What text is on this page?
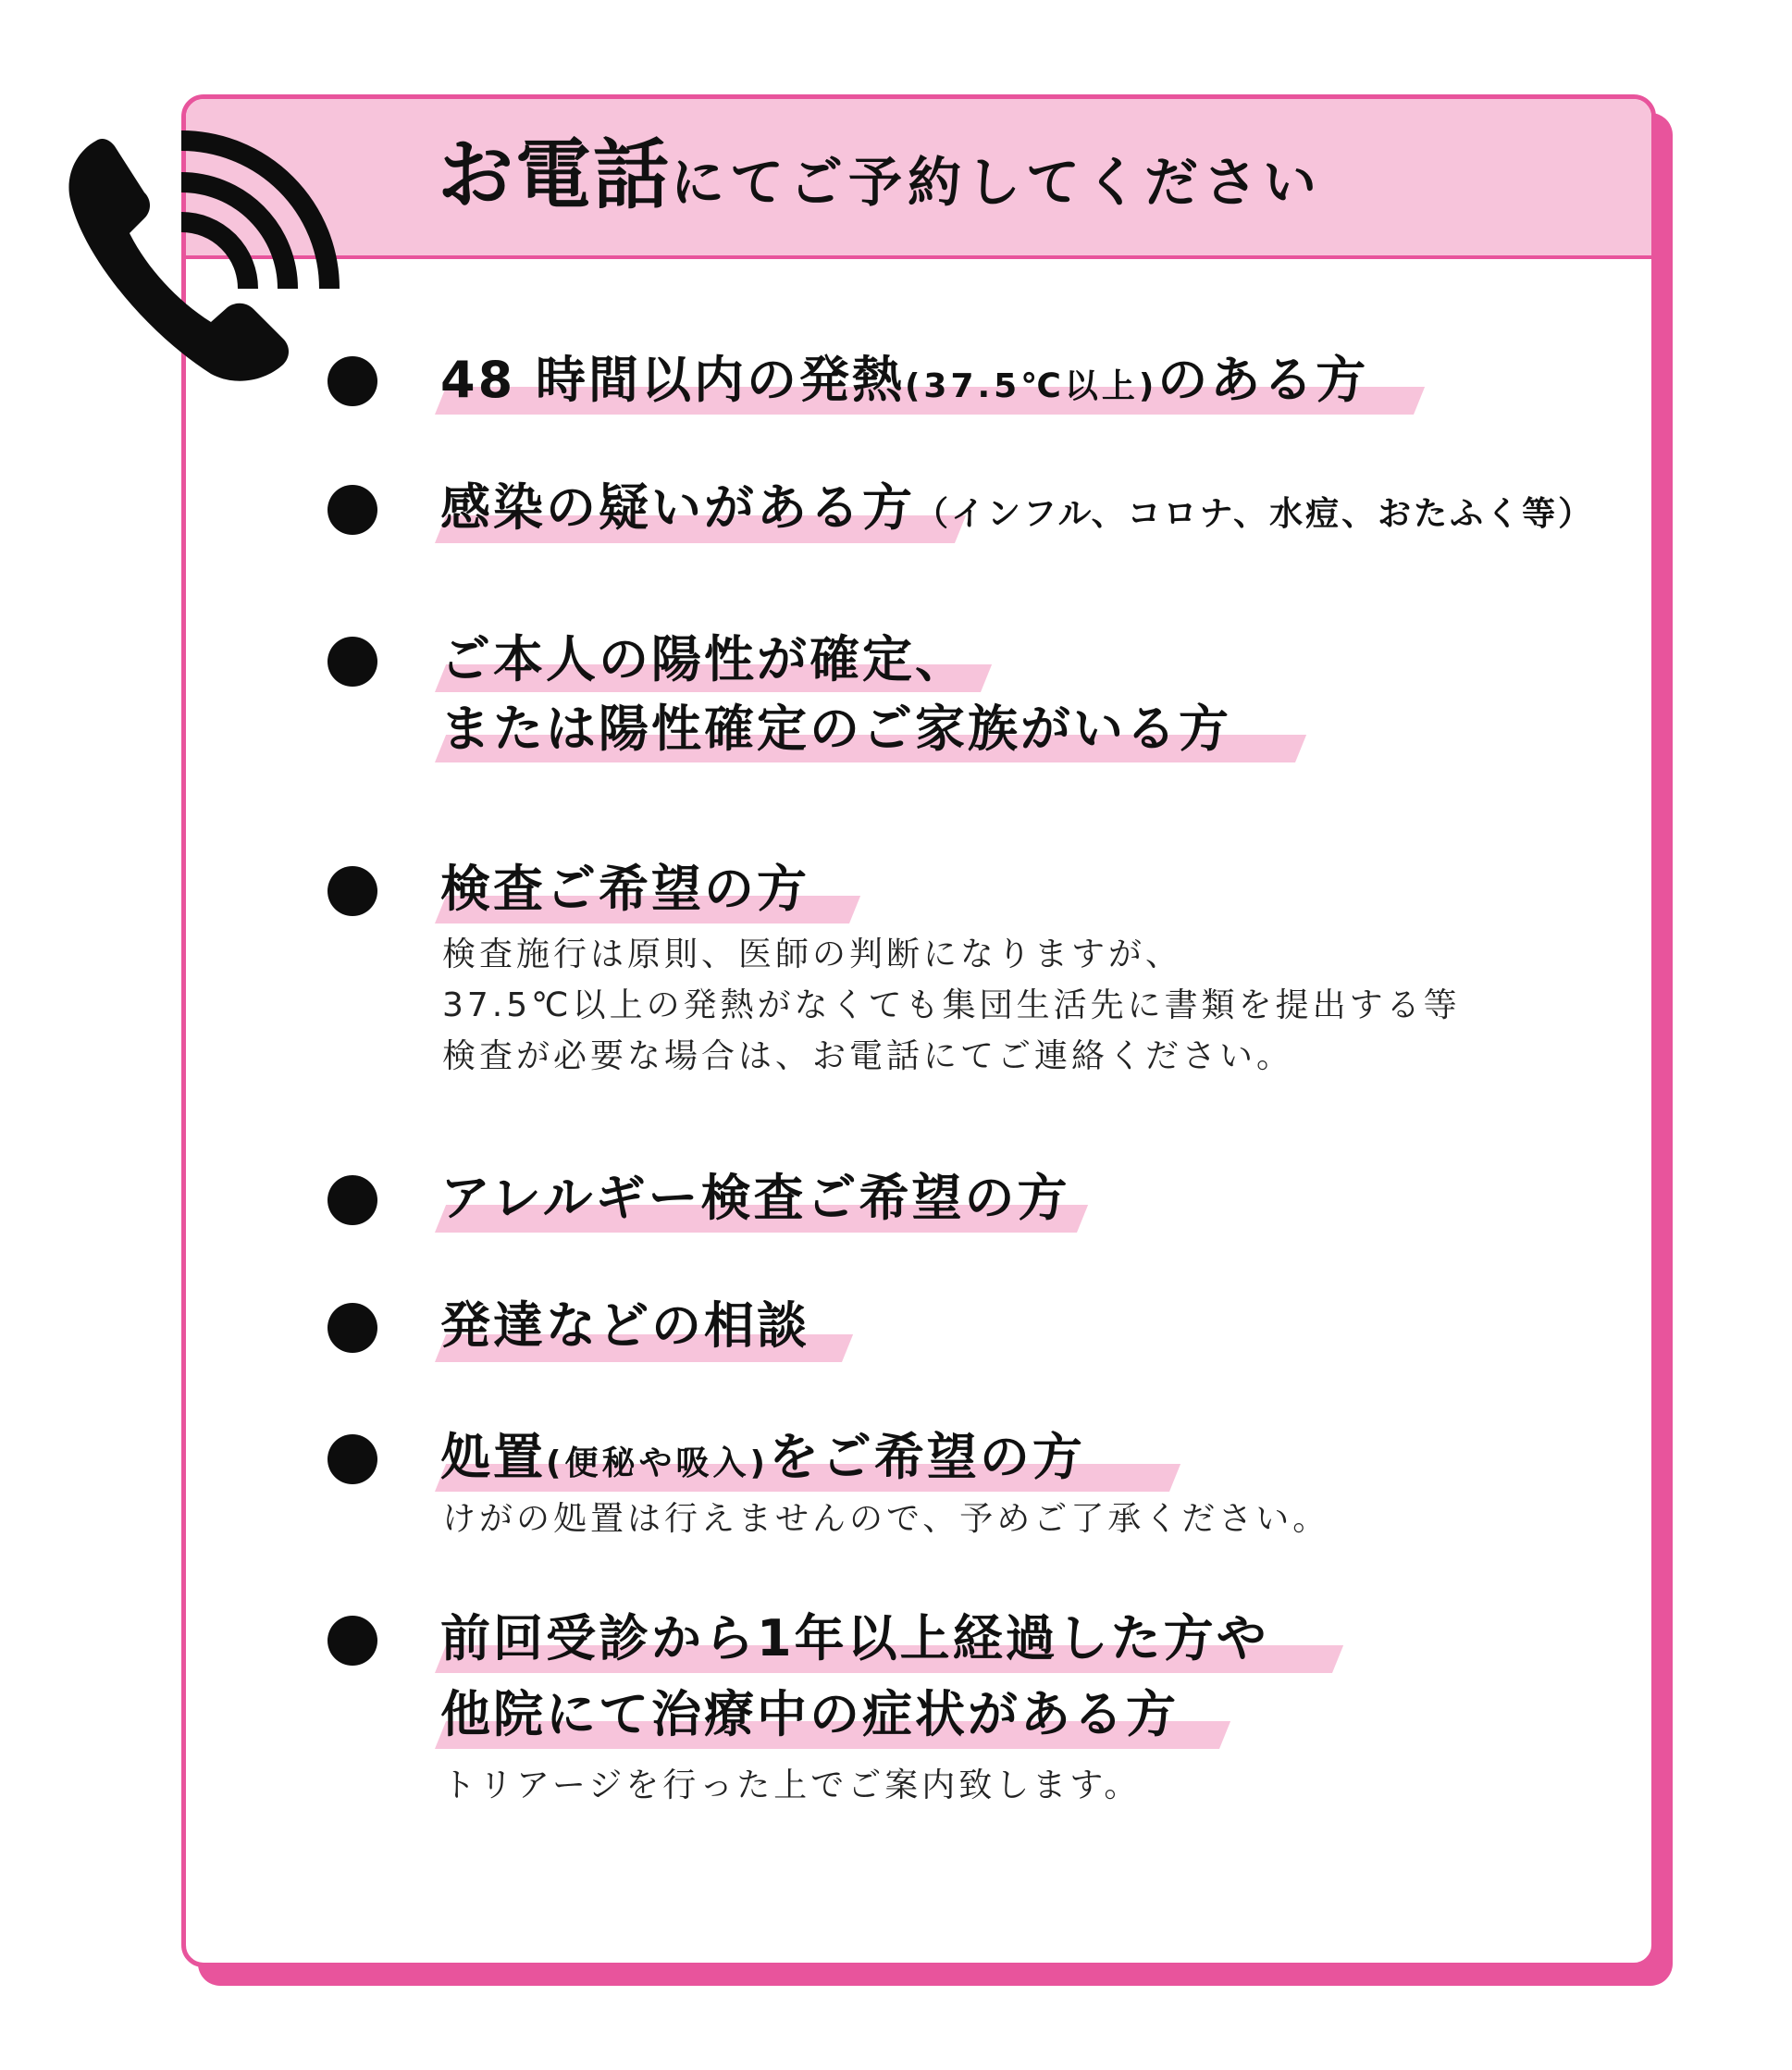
お電話にてご予約してください
48 時間以内の発熱(37.5℃以上)のある方
感染の疑いがある方（インフル、コロナ、水痘、おたふく等）
ご本人の陽性が確定、
または陽性確定のご家族がいる方
検査ご希望の方
検査施行は原則、医師の判断になりますが、
37.5℃以上の発熱がなくても集団生活先に書類を提出する等
検査が必要な場合は、お電話にてご連絡ください。
アレルギー検査ご希望の方
発達などの相談
処置(便秘や吸入)をご希望の方
けがの処置は行えませんので、予めご了承ください。
前回受診から1年以上経過した方や
他院にて治療中の症状がある方
トリアージを行った上でご案内致します。
